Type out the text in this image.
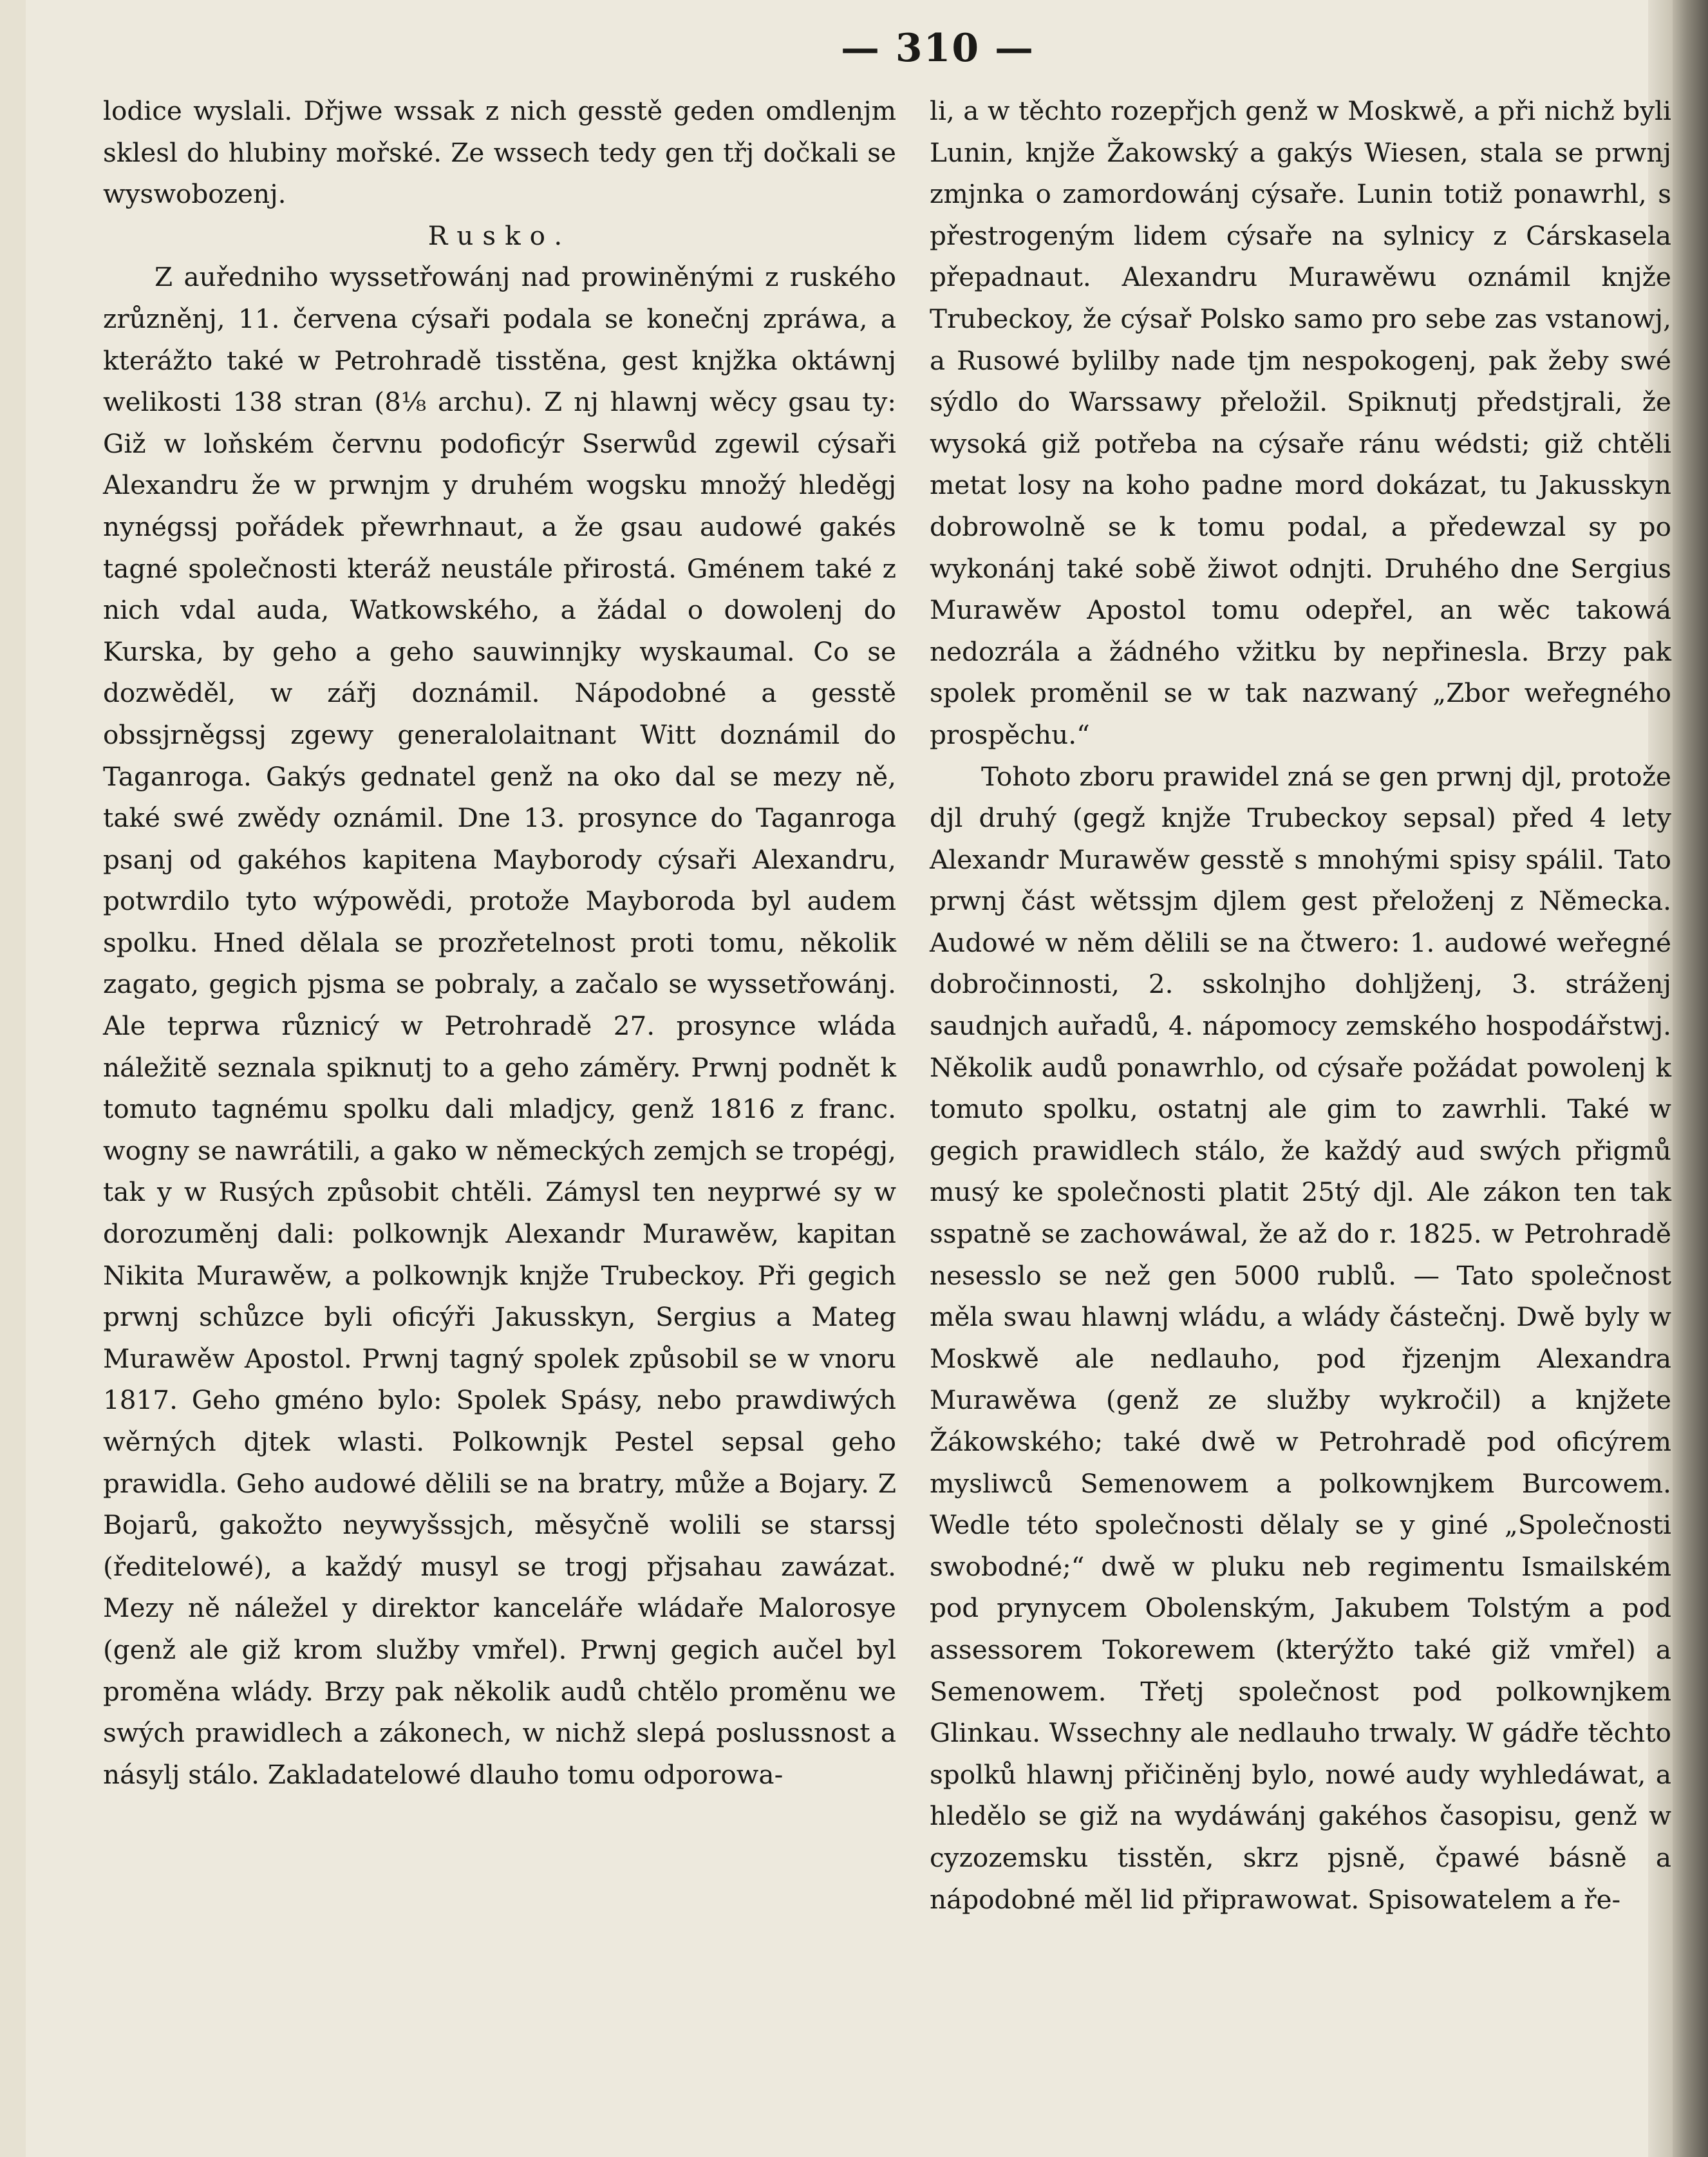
— 310 —

lodice wyslali. Dřjwe wssak z nich gesstě geden omdlenjm sklesl do hlubiny mořské. Ze wssech tedy gen třj dočkali se wyswobozenj.

Rusko.

Z auředniho wyssetřowánj nad prowiněnými z ruského zrůzněnj, 11. červena cýsaři podala se konečnj zpráwa, a kterážto také w Petrohradě tisstěna, gest knjžka oktáwnj welikosti 138 stran (8⅛ archu). Z nj hlawnj wěcy gsau ty: Giž w loňském červnu podoficýr Sserwůd zgewil cýsaři Alexandru že w prwnjm y druhém wogsku množý hleděgj nynégssj pořádek přewrhnaut, a že gsau audowé gakés tagné společnosti kteráž neustále přirostá. Gménem také z nich vdal auda, Watkowského, a žádal o dowolenj do Kurska, by geho a geho sauwinnjky wyskaumal. Co se dozwěděl, w zářj doznámil. Nápodobné a gesstě obssjrněgssj zgewy generalolaitnant Witt doznámil do Taganroga. Gakýs gednatel genž na oko dal se mezy ně, také swé zwědy oznámil. Dne 13. prosynce do Taganroga psanj od gakéhos kapitena Mayborody cýsaři Alexandru, potwrdilo tyto wýpowědi, protože Mayboroda byl audem spolku. Hned dělala se prozřetelnost proti tomu, několik zagato, gegich pjsma se pobraly, a začalo se wyssetřowánj. Ale teprwa různicý w Petrohradě 27. prosynce wláda náležitě seznala spiknutj to a geho záměry. Prwnj podnět k tomuto tagnému spolku dali mladjcy, genž 1816 z franc. wogny se nawrátili, a gako w německých zemjch se tropégj, tak y w Rusých způsobit chtěli. Zámysl ten neyprwé sy w dorozuměnj dali: polkownjk Alexandr Murawěw, kapitan Nikita Murawěw, a polkownjk knjže Trubeckoy. Při gegich prwnj schůzce byli oficýři Jakusskyn, Sergius a Mateg Murawěw Apostol. Prwnj tagný spolek způsobil se w vnoru 1817. Geho gméno bylo: Spolek Spásy, nebo prawdiwých wěrných djtek wlasti. Polkownjk Pestel sepsal geho prawidla. Geho audowé dělili se na bratry, může a Bojary. Z Bojarů, gakožto neywyšssjch, měsyčně wolili se starssj (ředitelowé), a každý musyl se trogj přjsahau zawázat. Mezy ně náležel y direktor kanceláře wládaře Malorosye (genž ale giž krom služby vmřel). Prwnj gegich aučel byl proměna wlády. Brzy pak několik audů chtělo proměnu we swých prawidlech a zákonech, w nichž slepá poslussnost a násylj stálo. Zakladatelowé dlauho tomu odporowa-

li, a w těchto rozepřjch genž w Moskwě, a při nichž byli Lunin, knjže Žakowský a gakýs Wiesen, stala se prwnj zmjnka o zamordowánj cýsaře. Lunin totiž ponawrhl, s přestrogeným lidem cýsaře na sylnicy z Cárskasela přepadnaut. Alexandru Murawěwu oznámil knjže Trubeckoy, že cýsař Polsko samo pro sebe zas vstanowj, a Rusowé bylilby nade tjm nespokogenj, pak žeby swé sýdlo do Warssawy přeložil. Spiknutj předstjrali, že wysoká giž potřeba na cýsaře ránu wédsti; giž chtěli metat losy na koho padne mord dokázat, tu Jakusskyn dobrowolně se k tomu podal, a předewzal sy po wykonánj také sobě žiwot odnjti. Druhého dne Sergius Murawěw Apostol tomu odepřel, an wěc takowá nedozrála a žádného vžitku by nepřinesla. Brzy pak spolek proměnil se w tak nazwaný „Zbor weřegného prospěchu.“

Tohoto zboru prawidel zná se gen prwnj djl, protože djl druhý (gegž knjže Trubeckoy sepsal) před 4 lety Alexandr Murawěw gesstě s mnohými spisy spálil. Tato prwnj část wětssjm djlem gest přeloženj z Německa. Audowé w něm dělili se na čtwero: 1. audowé weřegné dobročinnosti, 2. sskolnjho dohljženj, 3. stráženj saudnjch auřadů, 4. nápomocy zemského hospodářstwj. Několik audů ponawrhlo, od cýsaře požádat powolenj k tomuto spolku, ostatnj ale gim to zawrhli. Také w gegich prawidlech stálo, že každý aud swých přigmů musý ke společnosti platit 25tý djl. Ale zákon ten tak sspatně se zachowáwal, že až do r. 1825. w Petrohradě nesesslo se než gen 5000 rublů. — Tato společnost měla swau hlawnj wládu, a wlády částečnj. Dwě byly w Moskwě ale nedlauho, pod řjzenjm Alexandra Murawěwa (genž ze služby wykročil) a knjžete Žákowského; také dwě w Petrohradě pod oficýrem mysliwců Semenowem a polkownjkem Burcowem. Wedle této společnosti dělaly se y giné „Společnosti swobodné;“ dwě w pluku neb regimentu Ismailském pod prynycem Obolenským, Jakubem Tolstým a pod assessorem Tokorewem (kterýžto také giž vmřel) a Semenowem. Třetj společnost pod polkownjkem Glinkau. Wssechny ale nedlauho trwaly. W gádře těchto spolků hlawnj přičiněnj bylo, nowé audy wyhledáwat, a hledělo se giž na wydáwánj gakéhos časopisu, genž w cyzozemsku tisstěn, skrz pjsně, čpawé básně a nápodobné měl lid připrawowat. Spisowatelem a ře-
